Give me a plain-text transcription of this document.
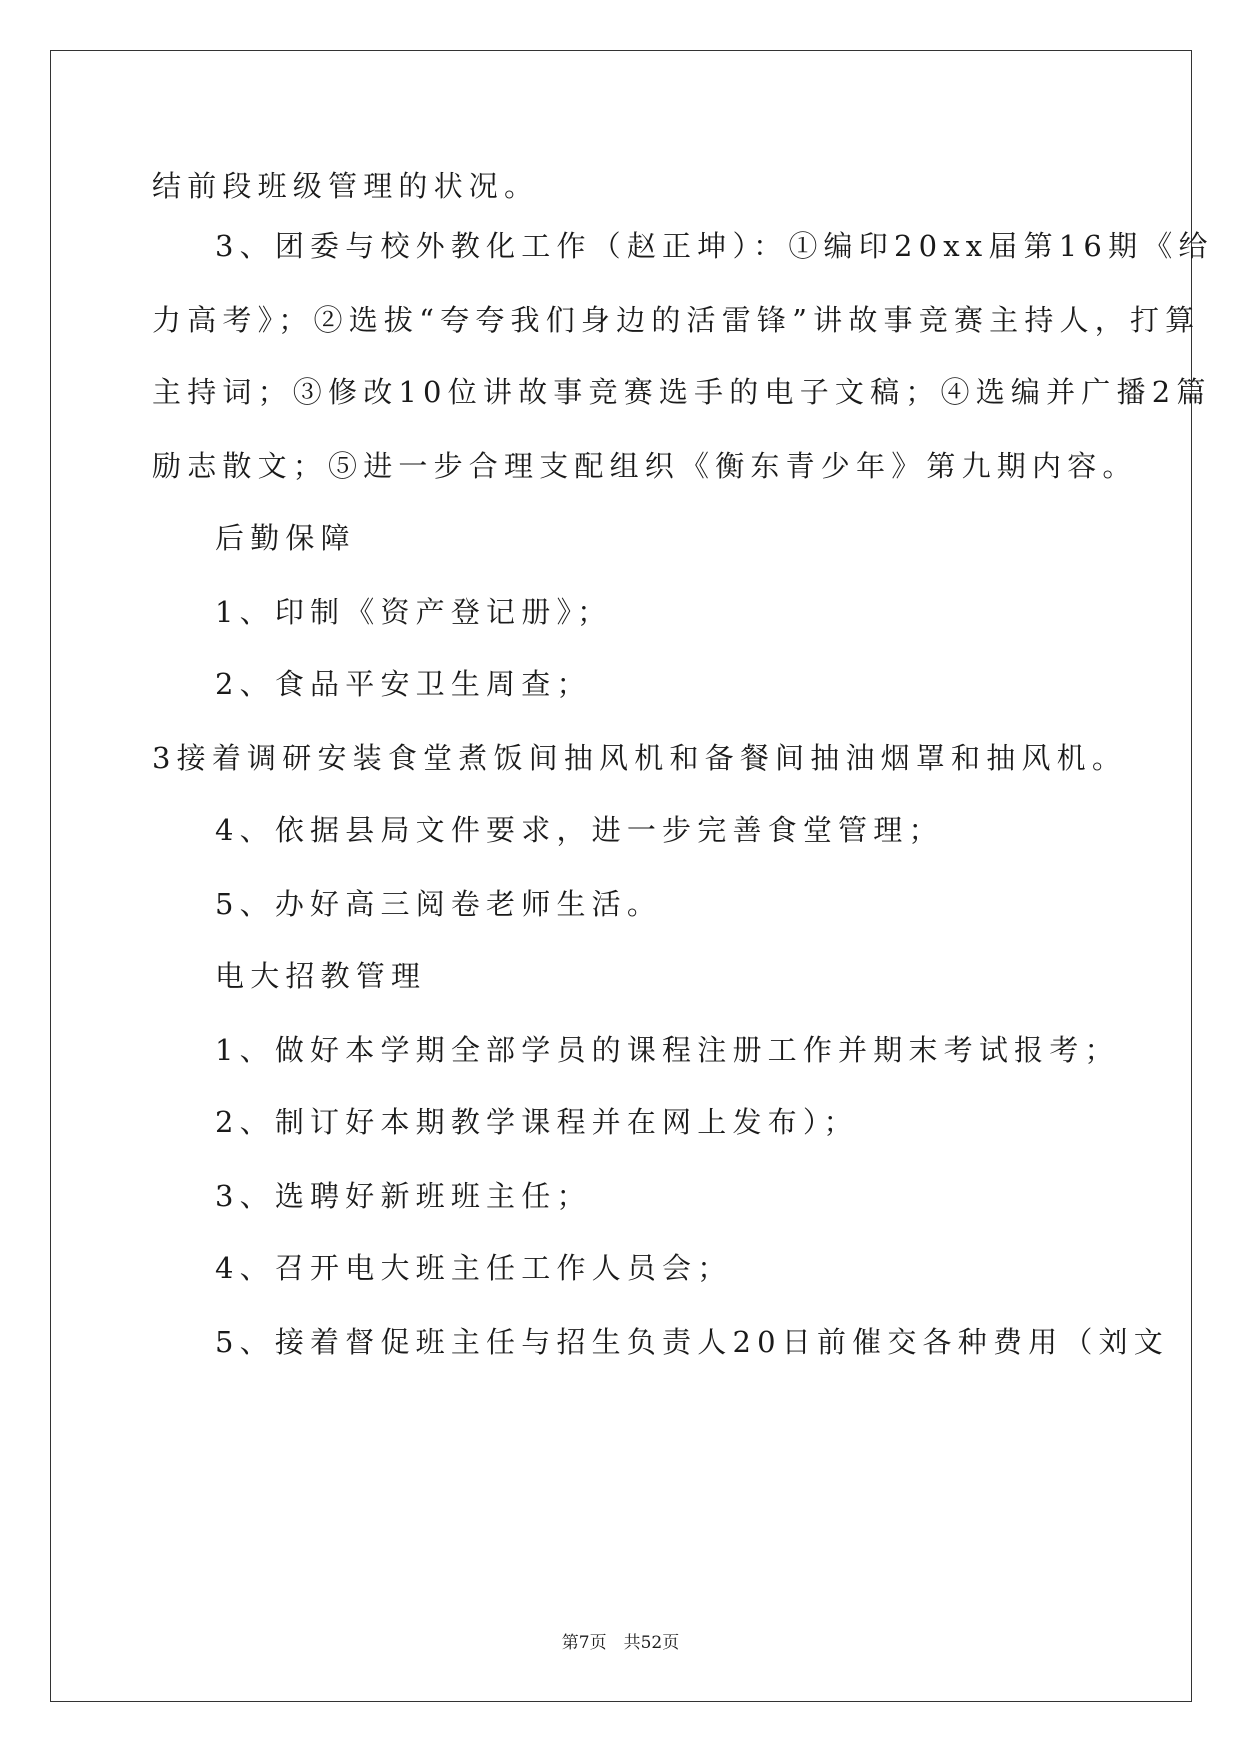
结前段班级管理的状况。
3、团委与校外教化工作（赵正坤）：①编印20xx届第16期《给
力高考》；②选拔“夸夸我们身边的活雷锋”讲故事竞赛主持人，打算
主持词；③修改10位讲故事竞赛选手的电子文稿；④选编并广播2篇
励志散文；⑤进一步合理支配组织《衡东青少年》第九期内容。
后勤保障
1、印制《资产登记册》；
2、食品平安卫生周查；
3接着调研安装食堂煮饭间抽风机和备餐间抽油烟罩和抽风机。
4、依据县局文件要求，进一步完善食堂管理；
5、办好高三阅卷老师生活。
电大招教管理
1、做好本学期全部学员的课程注册工作并期末考试报考；
2、制订好本期教学课程并在网上发布）；
3、选聘好新班班主任；
4、召开电大班主任工作人员会；
5、接着督促班主任与招生负责人20日前催交各种费用（刘文
第7页　共52页
